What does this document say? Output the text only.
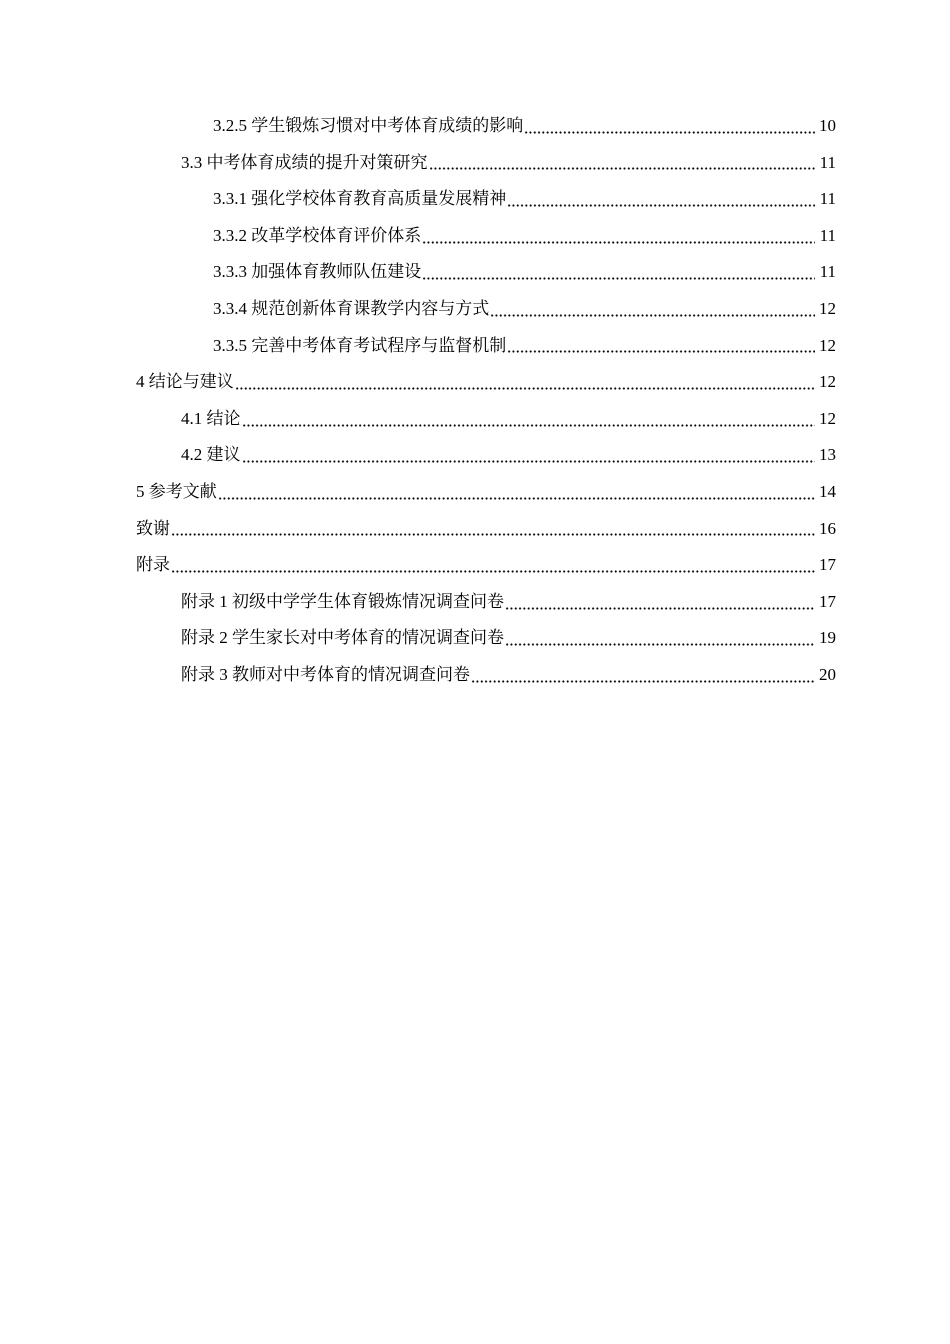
3.2.5 学生锻炼习惯对中考体育成绩的影响	10
3.3 中考体育成绩的提升对策研究	11
3.3.1 强化学校体育教育高质量发展精神	11
3.3.2 改革学校体育评价体系	11
3.3.3 加强体育教师队伍建设	11
3.3.4 规范创新体育课教学内容与方式	12
3.3.5 完善中考体育考试程序与监督机制	12
4 结论与建议	12
4.1 结论	12
4.2 建议	13
5 参考文献	14
致谢	16
附录	17
附录 1 初级中学学生体育锻炼情况调查问卷	17
附录 2 学生家长对中考体育的情况调查问卷	19
附录 3 教师对中考体育的情况调查问卷	20
